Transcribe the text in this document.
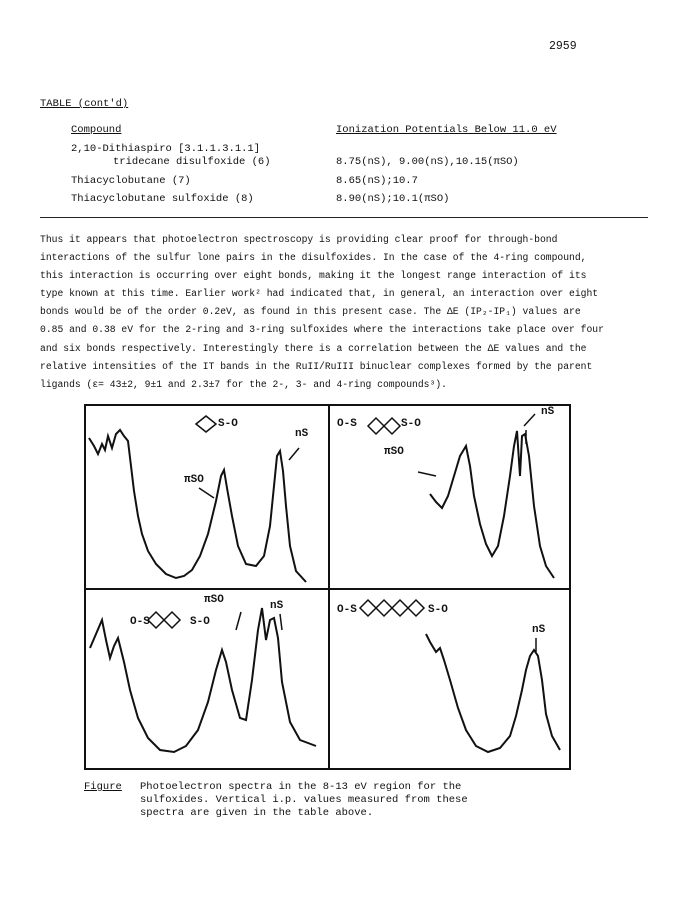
2959
TABLE (cont'd)
Compound	Ionization Potentials Below 11.0 eV
2,10-Dithiaspiro [3.1.1.3.1.1]
tridecane disulfoxide (6)	8.75(nS), 9.00(nS),10.15(πSO)
Thiacyclobutane (7)	8.65(nS);10.7
Thiacyclobutane sulfoxide (8)	8.90(nS);10.1(πSO)
Thus it appears that photoelectron spectroscopy is providing clear proof for through-bond
interactions of the sulfur lone pairs in the disulfoxides. In the case of the 4-ring compound,
this interaction is occurring over eight bonds, making it the longest range interaction of its
type known at this time. Earlier work² had indicated that, in general, an interaction over eight
bonds would be of the order 0.2eV, as found in this present case. The ΔE (IP₂-IP₁) values are
0.85 and 0.38 eV for the 2-ring and 3-ring sulfoxides where the interactions take place over four
and six bonds respectively. Interestingly there is a correlation between the ΔE values and the
relative intensities of the IT bands in the RuII/RuIII binuclear complexes formed by the parent
ligands (ε= 43±2, 9±1 and 2.3±7 for the 2-, 3- and 4-ring compounds³).
S-O
πSO
nS
O-S	S-O
πSO
nS
O-S	S-O
πSO	nS	O-S	S-O
nS
Figure Photoelectron spectra in the 8-13 eV region for the
sulfoxides. Vertical i.p. values measured from these
spectra are given in the table above.
